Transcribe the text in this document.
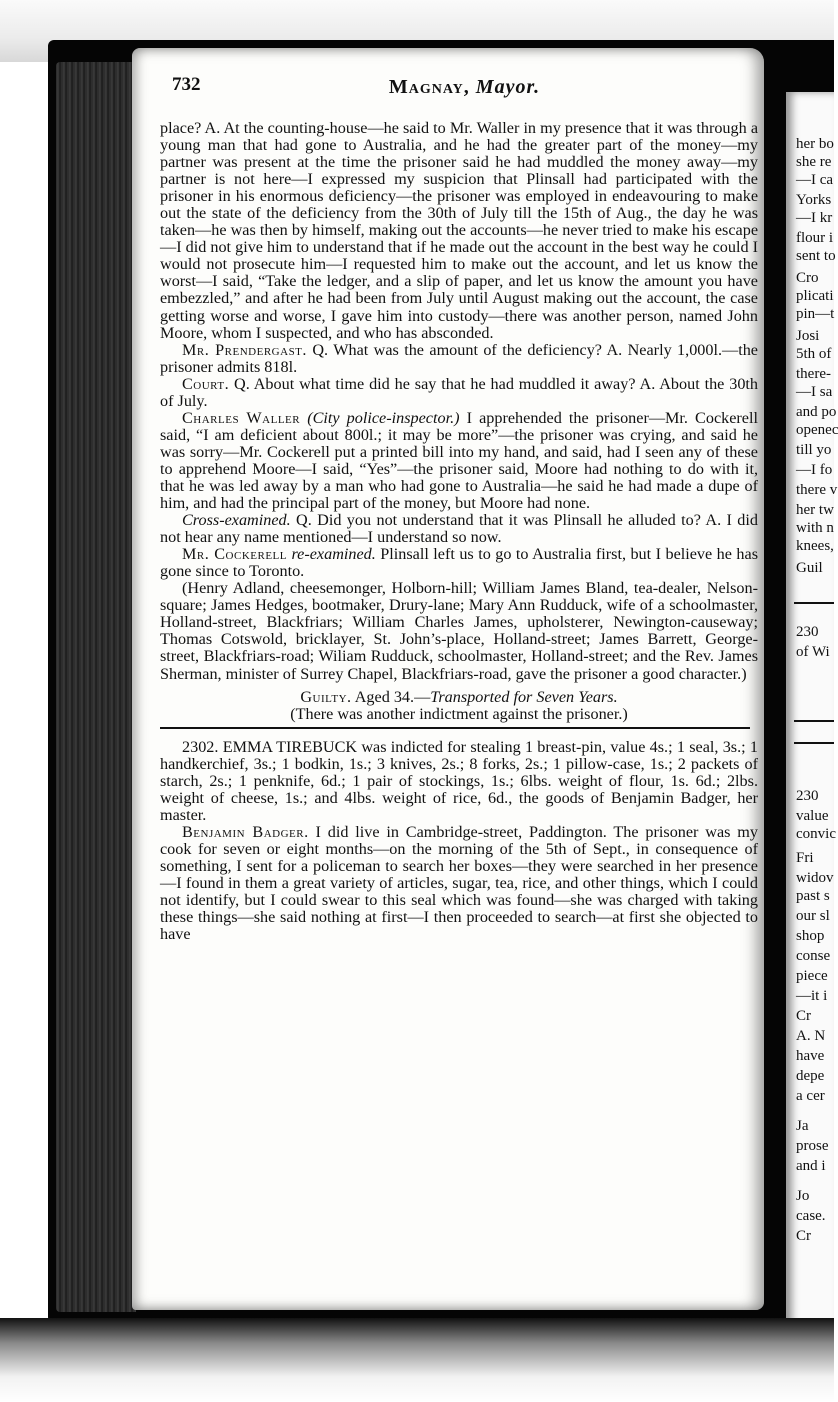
732	Magnay, Mayor.

place? A. At the counting-house—he said to Mr. Waller in my presence that it was through a young man that had gone to Australia, and he had the greater part of the money—my partner was present at the time the prisoner said he had muddled the money away—my partner is not here—I expressed my suspicion that Plinsall had participated with the prisoner in his enormous deficiency—the prisoner was employed in endeavouring to make out the state of the deficiency from the 30th of July till the 15th of Aug., the day he was taken—he was then by himself, making out the accounts—he never tried to make his escape—I did not give him to understand that if he made out the account in the best way he could I would not prosecute him—I requested him to make out the account, and let us know the worst—I said, “Take the ledger, and a slip of paper, and let us know the amount you have embezzled,” and after he had been from July until August making out the account, the case getting worse and worse, I gave him into custody—there was another person, named John Moore, whom I suspected, and who has absconded.

Mr. Prendergast. Q. What was the amount of the deficiency? A. Nearly 1,000l.—the prisoner admits 818l.

Court. Q. About what time did he say that he had muddled it away? A. About the 30th of July.

Charles Waller (City police-inspector.) I apprehended the prisoner—Mr. Cockerell said, “I am deficient about 800l.; it may be more”—the prisoner was crying, and said he was sorry—Mr. Cockerell put a printed bill into my hand, and said, had I seen any of these to apprehend Moore—I said, “Yes”—the prisoner said, Moore had nothing to do with it, that he was led away by a man who had gone to Australia—he said he had made a dupe of him, and had the principal part of the money, but Moore had none.

Cross-examined. Q. Did you not understand that it was Plinsall he alluded to? A. I did not hear any name mentioned—I understand so now.

Mr. Cockerell re-examined. Plinsall left us to go to Australia first, but I believe he has gone since to Toronto.

(Henry Adland, cheesemonger, Holborn-hill; William James Bland, tea-dealer, Nelson-square; James Hedges, bootmaker, Drury-lane; Mary Ann Rudduck, wife of a schoolmaster, Holland-street, Blackfriars; William Charles James, upholsterer, Newington-causeway; Thomas Cotswold, bricklayer, St. John’s-place, Holland-street; James Barrett, George-street, Blackfriars-road; Wiliam Rudduck, schoolmaster, Holland-street; and the Rev. James Sherman, minister of Surrey Chapel, Blackfriars-road, gave the prisoner a good character.)

Guilty. Aged 34.—Transported for Seven Years.

(There was another indictment against the prisoner.)

2302. EMMA TIREBUCK was indicted for stealing 1 breast-pin, value 4s.; 1 seal, 3s.; 1 handkerchief, 3s.; 1 bodkin, 1s.; 3 knives, 2s.; 8 forks, 2s.; 1 pillow-case, 1s.; 2 packets of starch, 2s.; 1 penknife, 6d.; 1 pair of stockings, 1s.; 6lbs. weight of flour, 1s. 6d.; 2lbs. weight of cheese, 1s.; and 4lbs. weight of rice, 6d., the goods of Benjamin Badger, her master.

Benjamin Badger. I did live in Cambridge-street, Paddington. The prisoner was my cook for seven or eight months—on the morning of the 5th of Sept., in consequence of something, I sent for a policeman to search her boxes—they were searched in her presence—I found in them a great variety of articles, sugar, tea, rice, and other things, which I could not identify, but I could swear to this seal which was found—she was charged with taking these things—she said nothing at first—I then proceeded to search—at first she objected to have

her bo
she re
—I ca
Yorks
—I kr
flour i
sent to
Cro
plicati
pin—t
Josi
5th of
there-
—I sa
and po
openec
till yo
—I fo
there v
her tw
with n
knees,
Guil
230
of Wi
230
value
convic
Fri
widov
past s
our sl
shop
conse
piece
—it i
Cr
A. N
have
depe
a cer
Ja
prose
and i
Jo
case.
Cr
